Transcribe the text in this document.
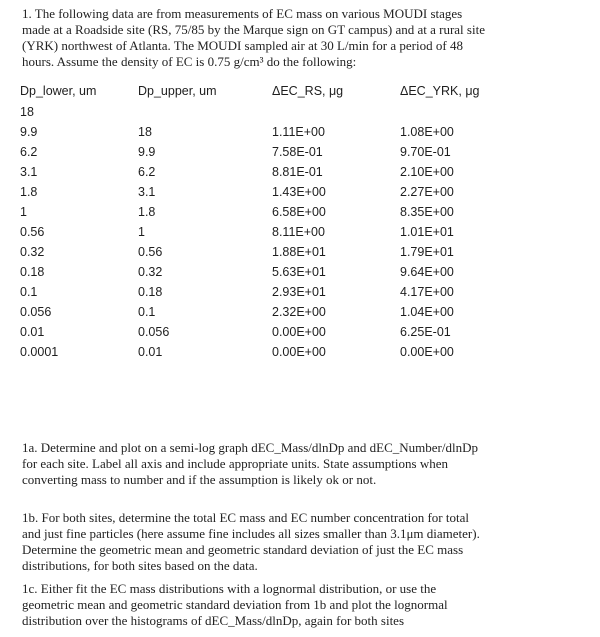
1. The following data are from measurements of EC mass on various MOUDI stages
made at a Roadside site (RS, 75/85 by the Marque sign on GT campus) and at a rural site
(YRK) northwest of Atlanta. The MOUDI sampled air at 30 L/min for a period of 48
hours. Assume the density of EC is 0.75 g/cm³ do the following:
Dp_lower, um	Dp_upper, um	ΔEC_RS, μg	ΔEC_YRK, μg
18			
9.9	18	1.11E+00	1.08E+00
6.2	9.9	7.58E-01	9.70E-01
3.1	6.2	8.81E-01	2.10E+00
1.8	3.1	1.43E+00	2.27E+00
1	1.8	6.58E+00	8.35E+00
0.56	1	8.11E+00	1.01E+01
0.32	0.56	1.88E+01	1.79E+01
0.18	0.32	5.63E+01	9.64E+00
0.1	0.18	2.93E+01	4.17E+00
0.056	0.1	2.32E+00	1.04E+00
0.01	0.056	0.00E+00	6.25E-01
0.0001	0.01	0.00E+00	0.00E+00
1a. Determine and plot on a semi-log graph dEC_Mass/dlnDp and dEC_Number/dlnDp
for each site. Label all axis and include appropriate units. State assumptions when
converting mass to number and if the assumption is likely ok or not.
1b. For both sites, determine the total EC mass and EC number concentration for total
and just fine particles (here assume fine includes all sizes smaller than 3.1μm diameter).
Determine the geometric mean and geometric standard deviation of just the EC mass
distributions, for both sites based on the data.
1c. Either fit the EC mass distributions with a lognormal distribution, or use the
geometric mean and geometric standard deviation from 1b and plot the lognormal
distribution over the histograms of dEC_Mass/dlnDp, again for both sites
